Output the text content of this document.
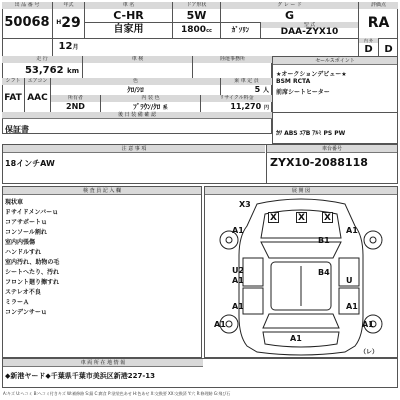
出 品 番 号
50068
年式
$^H$29
車 名
C-HR
ドア形状
5W
グ レ ー ド
G
評価点
RA
自家用	1800cc	ｶﾞｿﾘﾝ
型 式
DAA-ZYX10
12月
内 外
D	D
走 行
53,762 km
車 検	陸運事務所
シフト
FAT
エアコン
AAC
色
ｸﾛ/ｼﾛ
乗 車 定 員
5 人
所有者
2ND
内 装 色
ﾌﾞﾗｳﾝ/ｸﾛ 系
リサイクル料金
11,270 円
後 日 装 備 確 認
保証書
セールスポイント
★オークションデビュー★
BSM RCTA
前席シートヒーター
ｶﾜ ABS ｴｱB ｱﾙﾐ PS PW
注 意 事 項
18インチAW
車台番号
ZYX10-2088118
検 査 員 記 入 欄
現状車
Ｆサイドメンバーｕ
コアサポートｕ
コンソール割れ
室内内張傷
ハンドルすれ
室内汚れ、助物の毛
シートへたり、汚れ
フロント廻り擦すれ
ステレオ不良
ミラーＡ
コンデンサーｕ
展 開 図
X3
X X X
A1	A1
B1
U2	B4
A1	U
A1	A1
A1
A1
A1
（レ）
車 両 所 在 地 情 報
◆新港ヤード◆千葉県千葉市美浜区新港227-13
A:キズ U:ヘコミ B:ヘコミ付きキズ W:補修跡 S:錆 C:腐食 P:塗装色あせ H:色あせ X:交換要 XX:交換済 Y:穴 R:修理跡 G:飛び石
